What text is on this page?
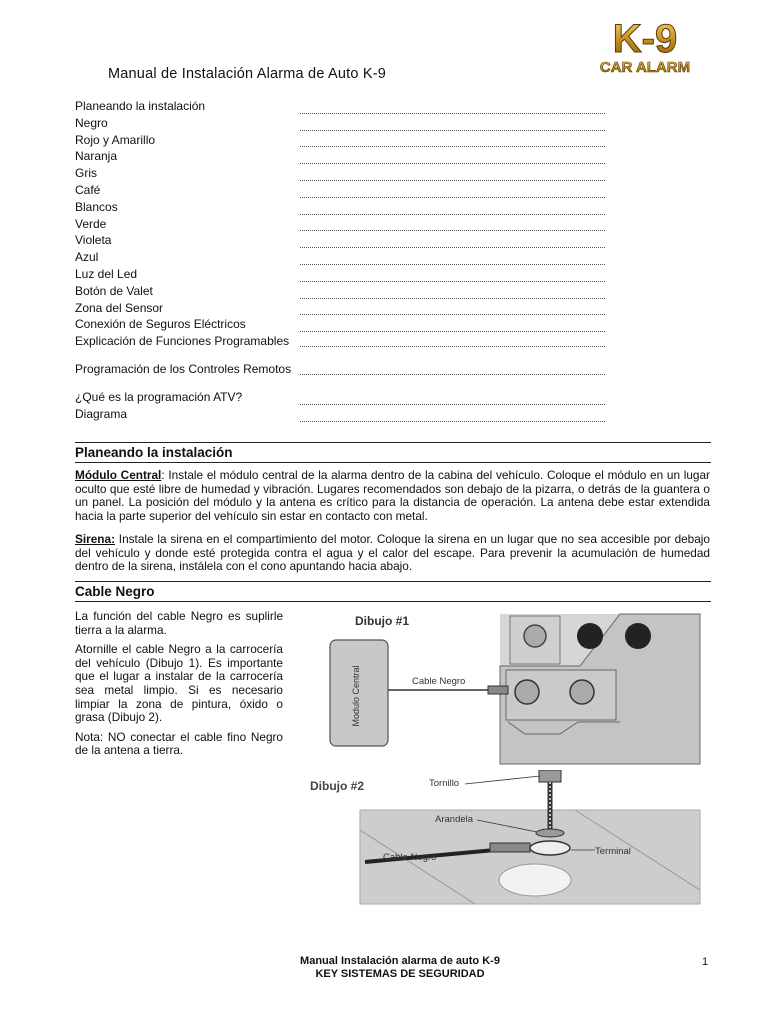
K-9
CAR ALARM
Manual de Instalación Alarma de Auto K-9
Planeando la instalación
Negro
Rojo y Amarillo
Naranja
Gris
Café
Blancos
Verde
Violeta
Azul
Luz del Led
Botón de Valet
Zona del Sensor
Conexión de Seguros Eléctricos
Explicación de Funciones Programables
Programación de los Controles Remotos
¿Qué es la programación ATV?
Diagrama
Planeando la instalación
Módulo Central: Instale el módulo central de la alarma dentro de la cabina del vehículo. Coloque el módulo en un lugar oculto que esté libre de humedad y vibración. Lugares recomendados son debajo de la pizarra, o detrás de la guantera o un panel. La posición del módulo y la antena es crítico para la distancia de operación. La antena debe estar extendida hacia la parte superior del vehículo sin estar en contacto con metal.
Sirena: Instale la sirena en el compartimiento del motor. Coloque la sirena en un lugar que no sea accesible por debajo del vehículo y donde esté protegida contra el agua y el calor del escape. Para prevenir la acumulación de humedad dentro de la sirena, instálela con el cono apuntando hacia abajo.
Cable Negro

La función del cable Negro es suplirle tierra a la alarma.

Atornille el cable Negro a la carrocería del vehículo (Dibujo 1). Es importante que el lugar a instalar de la carrocería sea metal limpio. Si es necesario limpiar la zona de pintura, óxido o grasa (Dibujo 2).

Nota: NO conectar el cable fino Negro de la antena a tierra.

Dibujo #1
Modulo Central	Cable Negro
Dibujo #2	Tornillo
Arandela
Cable Negro
Terminal
Manual Instalación alarma de auto K-9
KEY SISTEMAS DE SEGURIDAD
1
